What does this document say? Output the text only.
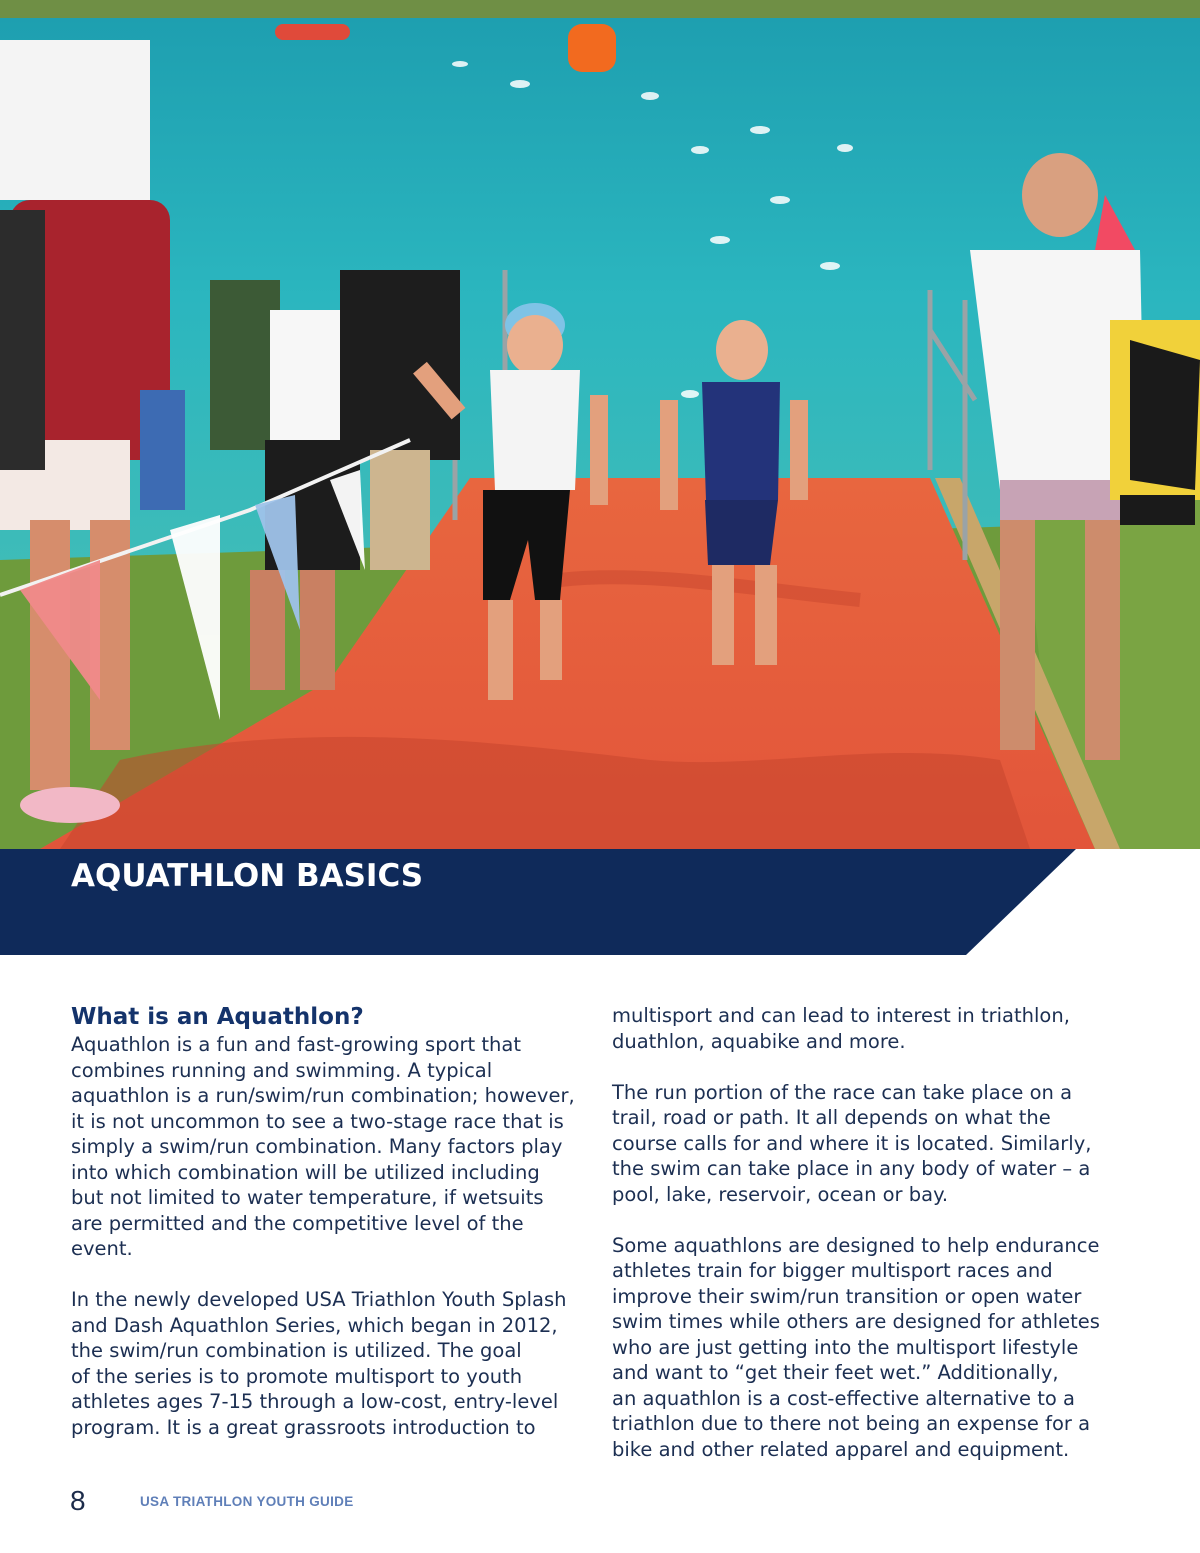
AQUATHLON BASICS
What is an Aquathlon?

Aquathlon is a fun and fast-growing sport that
combines running and swimming. A typical
aquathlon is a run/swim/run combination; however,
it is not uncommon to see a two-stage race that is
simply a swim/run combination. Many factors play
into which combination will be utilized including
but not limited to water temperature, if wetsuits
are permitted and the competitive level of the
event.

In the newly developed USA Triathlon Youth Splash
and Dash Aquathlon Series, which began in 2012,
the swim/run combination is utilized. The goal
of the series is to promote multisport to youth
athletes ages 7-15 through a low-cost, entry-level
program. It is a great grassroots introduction to

multisport and can lead to interest in triathlon,
duathlon, aquabike and more.

The run portion of the race can take place on a
trail, road or path. It all depends on what the
course calls for and where it is located. Similarly,
the swim can take place in any body of water – a
pool, lake, reservoir, ocean or bay.

Some aquathlons are designed to help endurance
athletes train for bigger multisport races and
improve their swim/run transition or open water
swim times while others are designed for athletes
who are just getting into the multisport lifestyle
and want to “get their feet wet.” Additionally,
an aquathlon is a cost-effective alternative to a
triathlon due to there not being an expense for a
bike and other related apparel and equipment.

8	USA TRIATHLON YOUTH GUIDE
